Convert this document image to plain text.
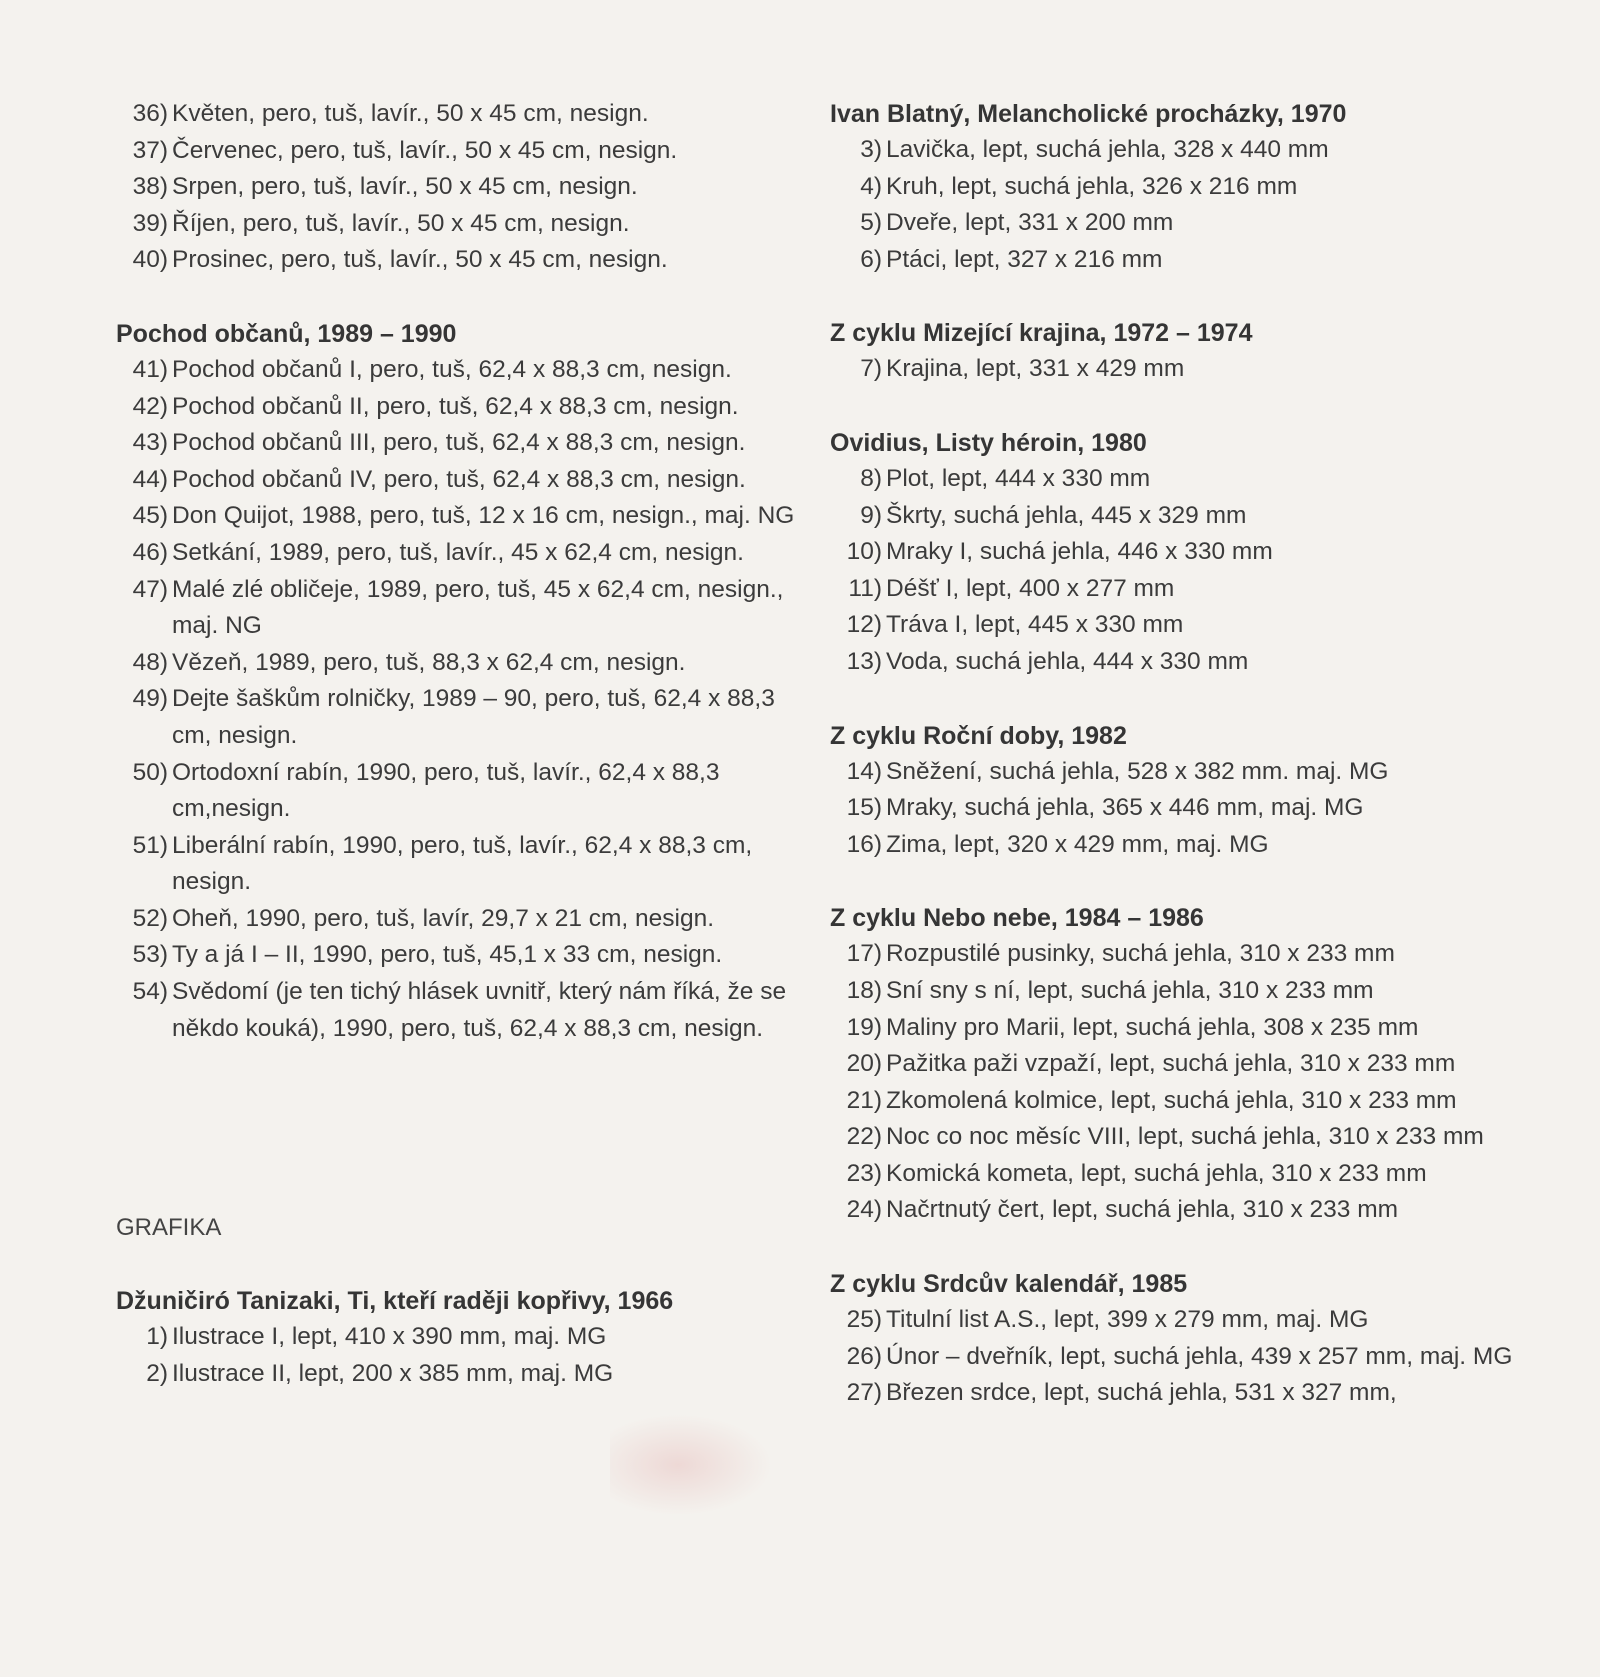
36) Květen, pero, tuš, lavír., 50 x 45 cm, nesign.
37) Červenec, pero, tuš, lavír., 50 x 45 cm, nesign.
38) Srpen, pero, tuš, lavír., 50 x 45 cm, nesign.
39) Říjen, pero, tuš, lavír., 50 x 45 cm, nesign.
40) Prosinec, pero, tuš, lavír., 50 x 45 cm, nesign.
Pochod občanů, 1989 – 1990
41) Pochod občanů I, pero, tuš, 62,4 x 88,3 cm, nesign.
42) Pochod občanů II, pero, tuš, 62,4 x 88,3 cm, nesign.
43) Pochod občanů III, pero, tuš, 62,4 x 88,3 cm, nesign.
44) Pochod občanů IV, pero, tuš, 62,4 x 88,3 cm, nesign.
45) Don Quijot, 1988, pero, tuš, 12 x 16 cm, nesign., maj. NG
46) Setkání, 1989, pero, tuš, lavír., 45 x 62,4 cm, nesign.
47) Malé zlé obličeje, 1989, pero, tuš, 45 x 62,4 cm, nesign., maj. NG
48) Vězeň, 1989, pero, tuš, 88,3 x 62,4 cm, nesign.
49) Dejte šaškům rolničky, 1989 – 90, pero, tuš, 62,4 x 88,3 cm, nesign.
50) Ortodoxní rabín, 1990, pero, tuš, lavír., 62,4 x 88,3 cm,nesign.
51) Liberální rabín, 1990, pero, tuš, lavír., 62,4 x 88,3 cm, nesign.
52) Oheň, 1990, pero, tuš, lavír, 29,7 x 21 cm, nesign.
53) Ty a já I – II, 1990, pero, tuš, 45,1 x 33 cm, nesign.
54) Svědomí (je ten tichý hlásek uvnitř, který nám říká, že se někdo kouká), 1990, pero, tuš, 62,4 x 88,3 cm, nesign.
GRAFIKA
Džuničiró Tanizaki, Ti, kteří raději kopřivy, 1966
1) Ilustrace I, lept, 410 x 390 mm, maj. MG
2) Ilustrace II, lept, 200 x 385 mm, maj. MG
Ivan Blatný, Melancholické procházky, 1970
3) Lavička, lept, suchá jehla, 328 x 440 mm
4) Kruh, lept, suchá jehla, 326 x 216 mm
5) Dveře, lept, 331 x 200 mm
6) Ptáci, lept, 327 x 216 mm
Z cyklu Mizející krajina, 1972 – 1974
7) Krajina, lept, 331 x 429 mm
Ovidius, Listy héroin, 1980
8) Plot, lept, 444 x 330 mm
9) Škrty, suchá jehla, 445 x 329 mm
10) Mraky I, suchá jehla, 446 x 330 mm
11) Déšť I, lept, 400 x 277 mm
12) Tráva I, lept, 445 x 330 mm
13) Voda, suchá jehla, 444 x 330 mm
Z cyklu Roční doby, 1982
14) Sněžení, suchá jehla, 528 x 382 mm. maj. MG
15) Mraky, suchá jehla, 365 x 446 mm, maj. MG
16) Zima, lept, 320 x 429 mm, maj. MG
Z cyklu Nebo nebe, 1984 – 1986
17) Rozpustilé pusinky, suchá jehla, 310 x 233 mm
18) Sní sny s ní, lept, suchá jehla, 310 x 233 mm
19) Maliny pro Marii, lept, suchá jehla, 308 x 235 mm
20) Pažitka paži vzpaží, lept, suchá jehla, 310 x 233 mm
21) Zkomolená kolmice, lept, suchá jehla, 310 x 233 mm
22) Noc co noc měsíc VIII, lept, suchá jehla, 310 x 233 mm
23) Komická kometa, lept, suchá jehla, 310 x 233 mm
24) Načrtnutý čert, lept, suchá jehla, 310 x 233 mm
Z cyklu Srdcův kalendář, 1985
25) Titulní list A.S., lept, 399 x 279 mm, maj. MG
26) Únor – dveřník, lept, suchá jehla, 439 x 257 mm, maj. MG
27) Březen srdce, lept, suchá jehla, 531 x 327 mm,
